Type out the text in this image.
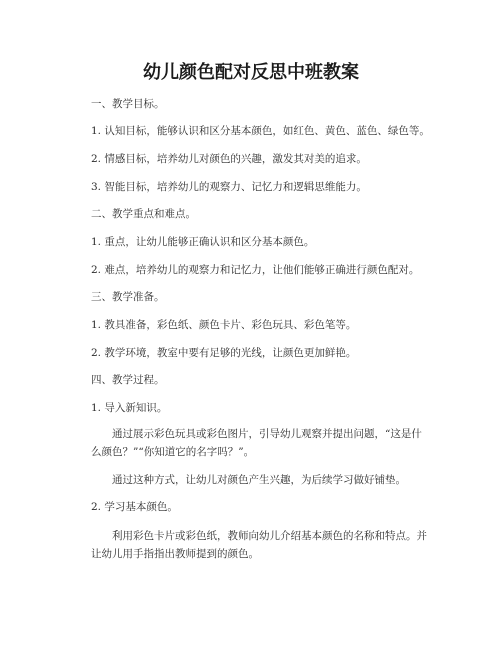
幼儿颜色配对反思中班教案

一、教学目标。

1. 认知目标，能够认识和区分基本颜色，如红色、黄色、蓝色、绿色等。

2. 情感目标，培养幼儿对颜色的兴趣，激发其对美的追求。

3. 智能目标，培养幼儿的观察力、记忆力和逻辑思维能力。

二、教学重点和难点。

1. 重点，让幼儿能够正确认识和区分基本颜色。

2. 难点，培养幼儿的观察力和记忆力，让他们能够正确进行颜色配对。

三、教学准备。

1. 教具准备，彩色纸、颜色卡片、彩色玩具、彩色笔等。

2. 教学环境，教室中要有足够的光线，让颜色更加鲜艳。

四、教学过程。

1. 导入新知识。

通过展示彩色玩具或彩色图片，引导幼儿观察并提出问题，“这是什么颜色？”“你知道它的名字吗？”。

通过这种方式，让幼儿对颜色产生兴趣，为后续学习做好铺垫。

2. 学习基本颜色。

利用彩色卡片或彩色纸，教师向幼儿介绍基本颜色的名称和特点。并让幼儿用手指指出教师提到的颜色。
